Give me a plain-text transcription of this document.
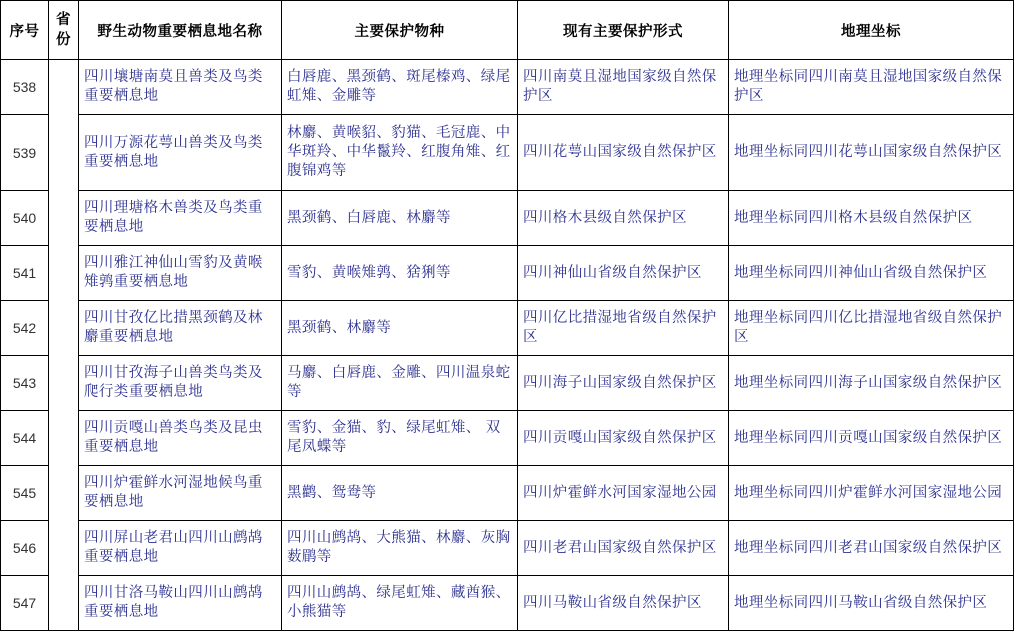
序号	省份	野生动物重要栖息地名称	主要保护物种	现有主要保护形式	地理坐标
538		四川壤塘南莫且兽类及鸟类重要栖息地	白唇鹿、黑颈鹤、斑尾榛鸡、绿尾虹雉、金雕等	四川南莫且湿地国家级自然保护区	地理坐标同四川南莫且湿地国家级自然保护区
539		四川万源花萼山兽类及鸟类重要栖息地	林麝、黄喉貂、豹猫、毛冠鹿、中华斑羚、中华鬣羚、红腹角雉、红腹锦鸡等	四川花萼山国家级自然保护区	地理坐标同四川花萼山国家级自然保护区
540		四川理塘格木兽类及鸟类重要栖息地	黑颈鹤、白唇鹿、林麝等	四川格木县级自然保护区	地理坐标同四川格木县级自然保护区
541		四川雅江神仙山雪豹及黄喉雉鹑重要栖息地	雪豹、黄喉雉鹑、猞猁等	四川神仙山省级自然保护区	地理坐标同四川神仙山省级自然保护区
542		四川甘孜亿比措黑颈鹤及林麝重要栖息地	黑颈鹤、林麝等	四川亿比措湿地省级自然保护区	地理坐标同四川亿比措湿地省级自然保护区
543		四川甘孜海子山兽类鸟类及爬行类重要栖息地	马麝、白唇鹿、金雕、四川温泉蛇等	四川海子山国家级自然保护区	地理坐标同四川海子山国家级自然保护区
544		四川贡嘎山兽类鸟类及昆虫重要栖息地	雪豹、金猫、豹、绿尾虹雉、 双尾凤蝶等	四川贡嘎山国家级自然保护区	地理坐标同四川贡嘎山国家级自然保护区
545		四川炉霍鲜水河湿地候鸟重要栖息地	黑鹳、鸳鸯等	四川炉霍鲜水河国家湿地公园	地理坐标同四川炉霍鲜水河国家湿地公园
546		四川屏山老君山四川山鹧鸪重要栖息地	四川山鹧鸪、大熊猫、林麝、灰胸薮鹛等	四川老君山国家级自然保护区	地理坐标同四川老君山国家级自然保护区
547		四川甘洛马鞍山四川山鹧鸪重要栖息地	四川山鹧鸪、绿尾虹雉、藏酋猴、小熊猫等	四川马鞍山省级自然保护区	地理坐标同四川马鞍山省级自然保护区
